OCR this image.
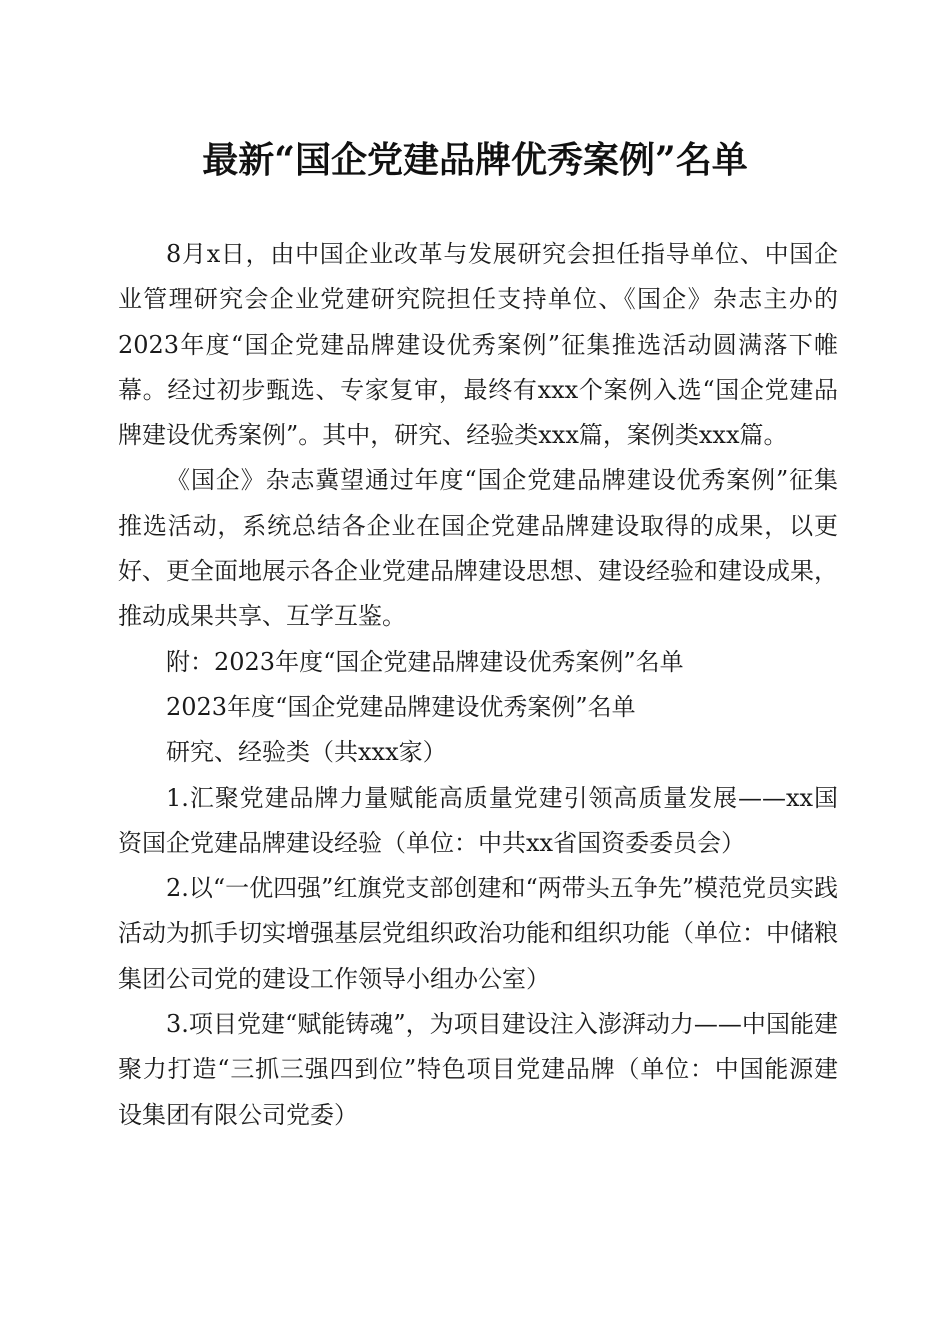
最新“国企党建品牌优秀案例”名单

8月x日，由中国企业改革与发展研究会担任指导单位、中国企业管理研究会企业党建研究院担任支持单位、《国企》杂志主办的2023年度“国企党建品牌建设优秀案例”征集推选活动圆满落下帷幕。经过初步甄选、专家复审，最终有xxx个案例入选“国企党建品牌建设优秀案例”。其中，研究、经验类xxx篇，案例类xxx篇。

《国企》杂志冀望通过年度“国企党建品牌建设优秀案例”征集推选活动，系统总结各企业在国企党建品牌建设取得的成果，以更好、更全面地展示各企业党建品牌建设思想、建设经验和建设成果，推动成果共享、互学互鉴。

附：2023年度“国企党建品牌建设优秀案例”名单

2023年度“国企党建品牌建设优秀案例”名单

研究、经验类（共xxx家）

1.汇聚党建品牌力量赋能高质量党建引领高质量发展——xx国资国企党建品牌建设经验（单位：中共xx省国资委委员会）

2.以“一优四强”红旗党支部创建和“两带头五争先”模范党员实践活动为抓手切实增强基层党组织政治功能和组织功能（单位：中储粮集团公司党的建设工作领导小组办公室）

3.项目党建“赋能铸魂”，为项目建设注入澎湃动力——中国能建聚力打造“三抓三强四到位”特色项目党建品牌（单位：中国能源建设集团有限公司党委）
